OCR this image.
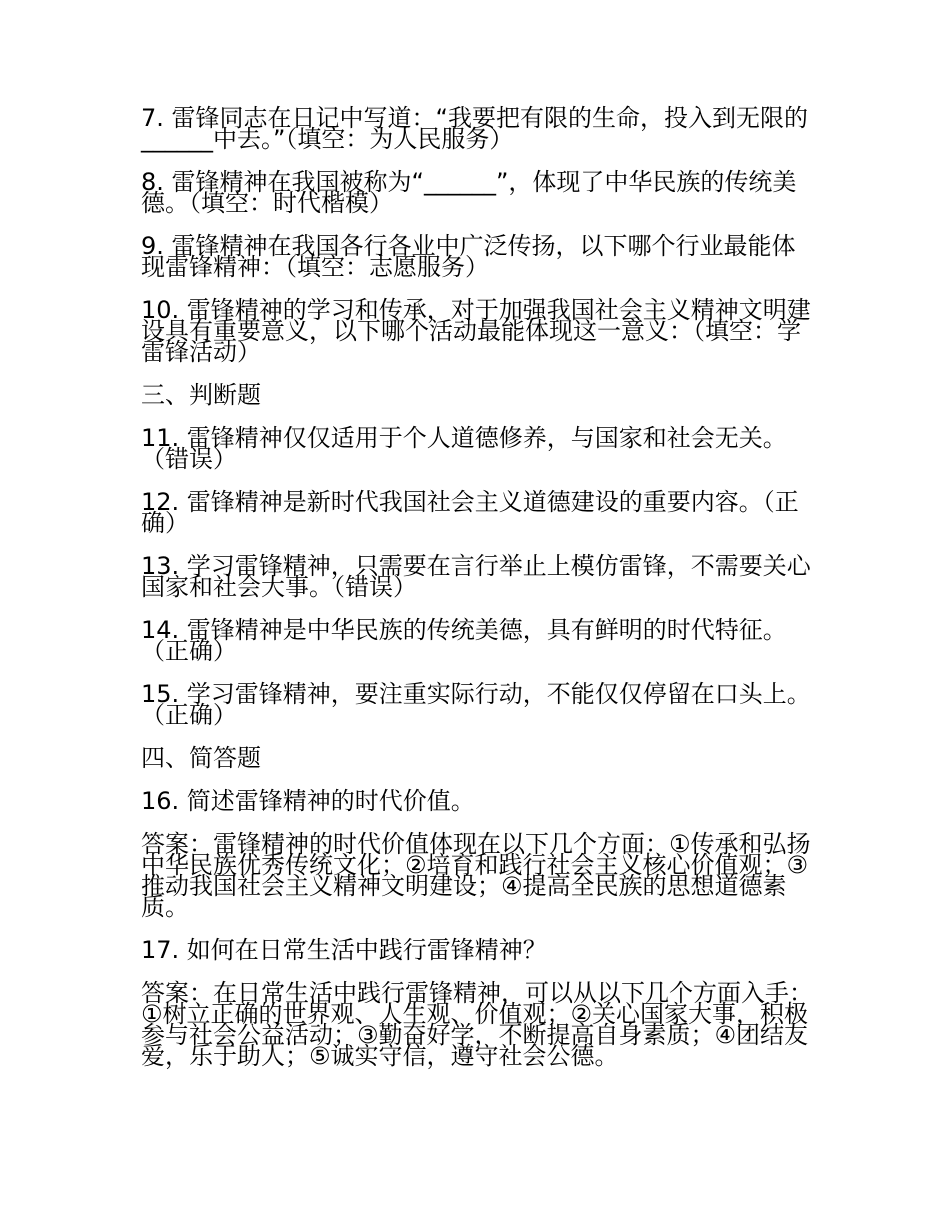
7. 雷锋同志在日记中写道：“我要把有限的生命，投入到无限的______中去。”（填空：为人民服务）

8. 雷锋精神在我国被称为“______”，体现了中华民族的传统美德。（填空：时代楷模）

9. 雷锋精神在我国各行各业中广泛传扬，以下哪个行业最能体现雷锋精神：（填空：志愿服务）

10. 雷锋精神的学习和传承，对于加强我国社会主义精神文明建设具有重要意义，以下哪个活动最能体现这一意义：（填空：学雷锋活动）

三、判断题

11. 雷锋精神仅仅适用于个人道德修养，与国家和社会无关。（错误）

12. 雷锋精神是新时代我国社会主义道德建设的重要内容。（正确）

13. 学习雷锋精神，只需要在言行举止上模仿雷锋，不需要关心国家和社会大事。（错误）

14. 雷锋精神是中华民族的传统美德，具有鲜明的时代特征。（正确）

15. 学习雷锋精神，要注重实际行动，不能仅仅停留在口头上。（正确）

四、简答题

16. 简述雷锋精神的时代价值。

答案：雷锋精神的时代价值体现在以下几个方面：①传承和弘扬中华民族优秀传统文化；②培育和践行社会主义核心价值观；③推动我国社会主义精神文明建设；④提高全民族的思想道德素质。

17. 如何在日常生活中践行雷锋精神？

答案：在日常生活中践行雷锋精神，可以从以下几个方面入手：①树立正确的世界观、人生观、价值观；②关心国家大事，积极参与社会公益活动；③勤奋好学，不断提高自身素质；④团结友爱，乐于助人；⑤诚实守信，遵守社会公德。
